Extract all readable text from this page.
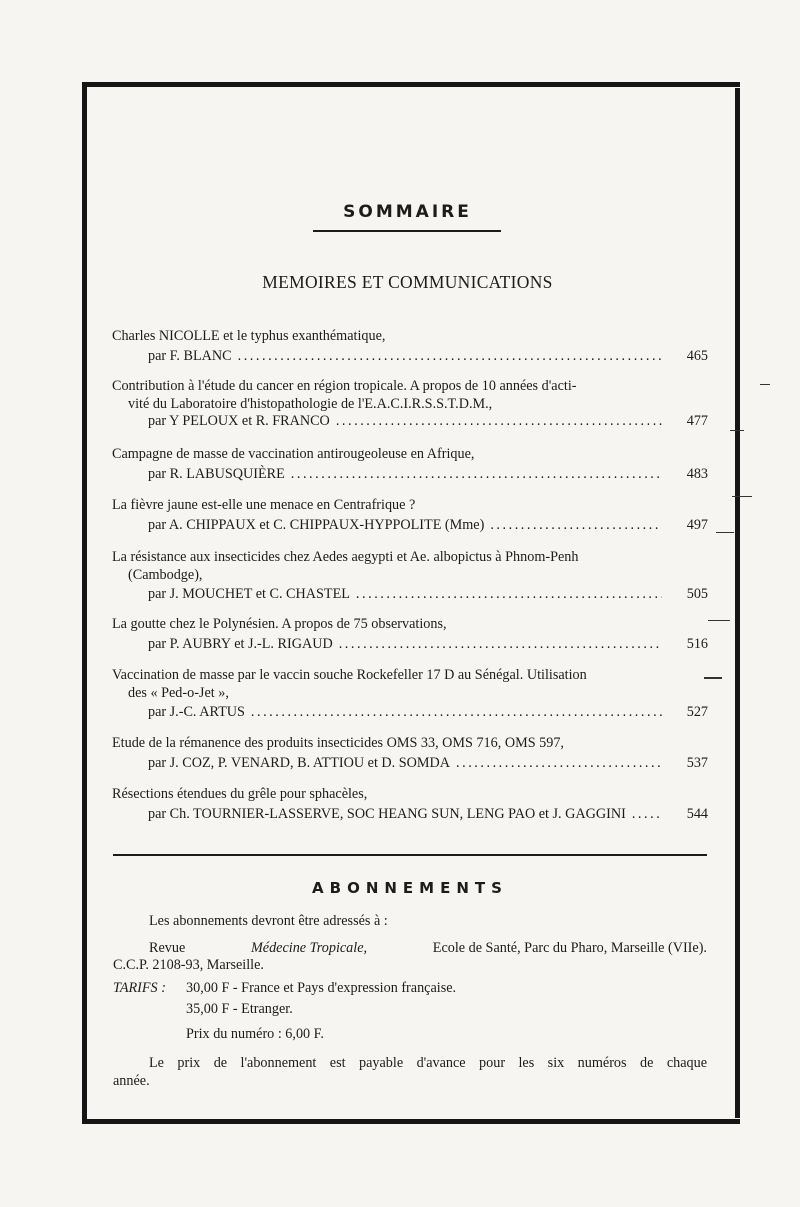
SOMMAIRE
MEMOIRES ET COMMUNICATIONS
Charles NICOLLE et le typhus exanthématique,
par F. BLANC . . .	465
Contribution à l'étude du cancer en région tropicale. A propos de 10 années d'acti-
vité du Laboratoire d'histopathologie de l'E.A.C.I.R.S.S.T.D.M.,
par Y PELOUX et R. FRANCO . . .	477
Campagne de masse de vaccination antirougeoleuse en Afrique,
par R. LABUSQUIÈRE . . .	483
La fièvre jaune est-elle une menace en Centrafrique ?
par A. CHIPPAUX et C. CHIPPAUX-HYPPOLITE (Mme) . . .	497
La résistance aux insecticides chez Aedes aegypti et Ae. albopictus à Phnom-Penh
(Cambodge),
par J. MOUCHET et C. CHASTEL . . .	505
La goutte chez le Polynésien. A propos de 75 observations,
par P. AUBRY et J.-L. RIGAUD . . .	516
Vaccination de masse par le vaccin souche Rockefeller 17 D au Sénégal. Utilisation
des « Ped-o-Jet »,
par J.-C. ARTUS . . .	527
Etude de la rémanence des produits insecticides OMS 33, OMS 716, OMS 597,
par J. COZ, P. VENARD, B. ATTIOU et D. SOMDA . . .	537
Résections étendues du grêle pour sphacèles,
par Ch. TOURNIER-LASSERVE, SOC HEANG SUN, LENG PAO et J. GAGGINI . . .	544
ABONNEMENTS
Les abonnements devront être adressés à :
Revue	Médecine Tropicale,	Ecole de Santé, Parc du Pharo, Marseille (VIIe).
C.C.P. 2108-93, Marseille.
TARIFS : 30,00 F - France et Pays d'expression française.
35,00 F - Etranger.
Prix du numéro : 6,00 F.
Le prix de l'abonnement est payable d'avance pour les six numéros de chaque
année.
